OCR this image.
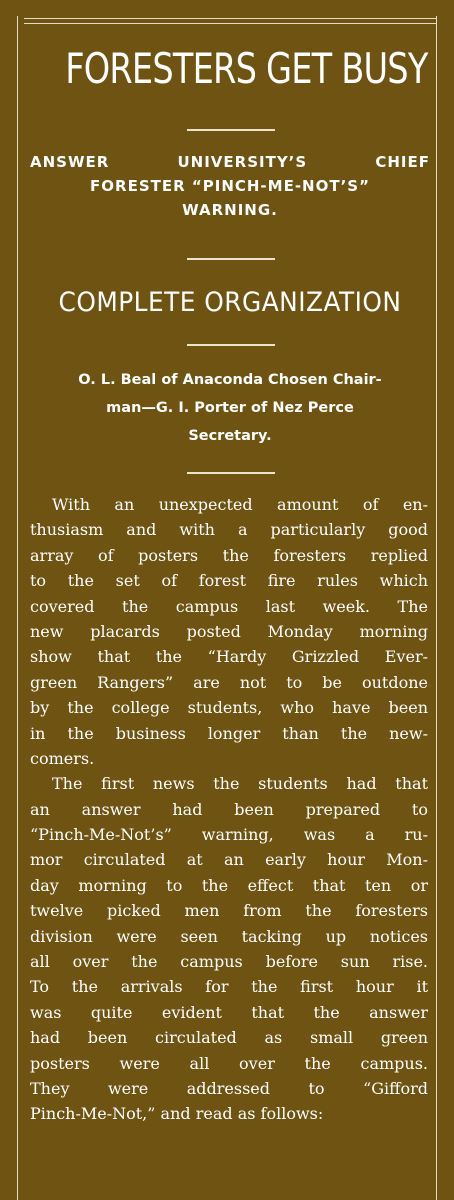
FORESTERS GET BUSY
ANSWER UNIVERSITY’S CHIEF
FORESTER “PINCH-ME-NOT’S”
WARNING.
COMPLETE ORGANIZATION
O. L. Beal of Anaconda Chosen Chair-
man—G. I. Porter of Nez Perce
Secretary.
With an unexpected amount of en-
thusiasm and with a particularly good
array of posters the foresters replied
to the set of forest fire rules which
covered the campus last week. The
new placards posted Monday morning
show that the “Hardy Grizzled Ever-
green Rangers” are not to be outdone
by the college students, who have been
in the business longer than the new-
comers.
The first news the students had that
an answer had been prepared to
“Pinch-Me-Not’s” warning, was a ru-
mor circulated at an early hour Mon-
day morning to the effect that ten or
twelve picked men from the foresters
division were seen tacking up notices
all over the campus before sun rise.
To the arrivals for the first hour it
was quite evident that the answer
had been circulated as small green
posters were all over the campus.
They were addressed to “Gifford
Pinch-Me-Not,” and read as follows:
